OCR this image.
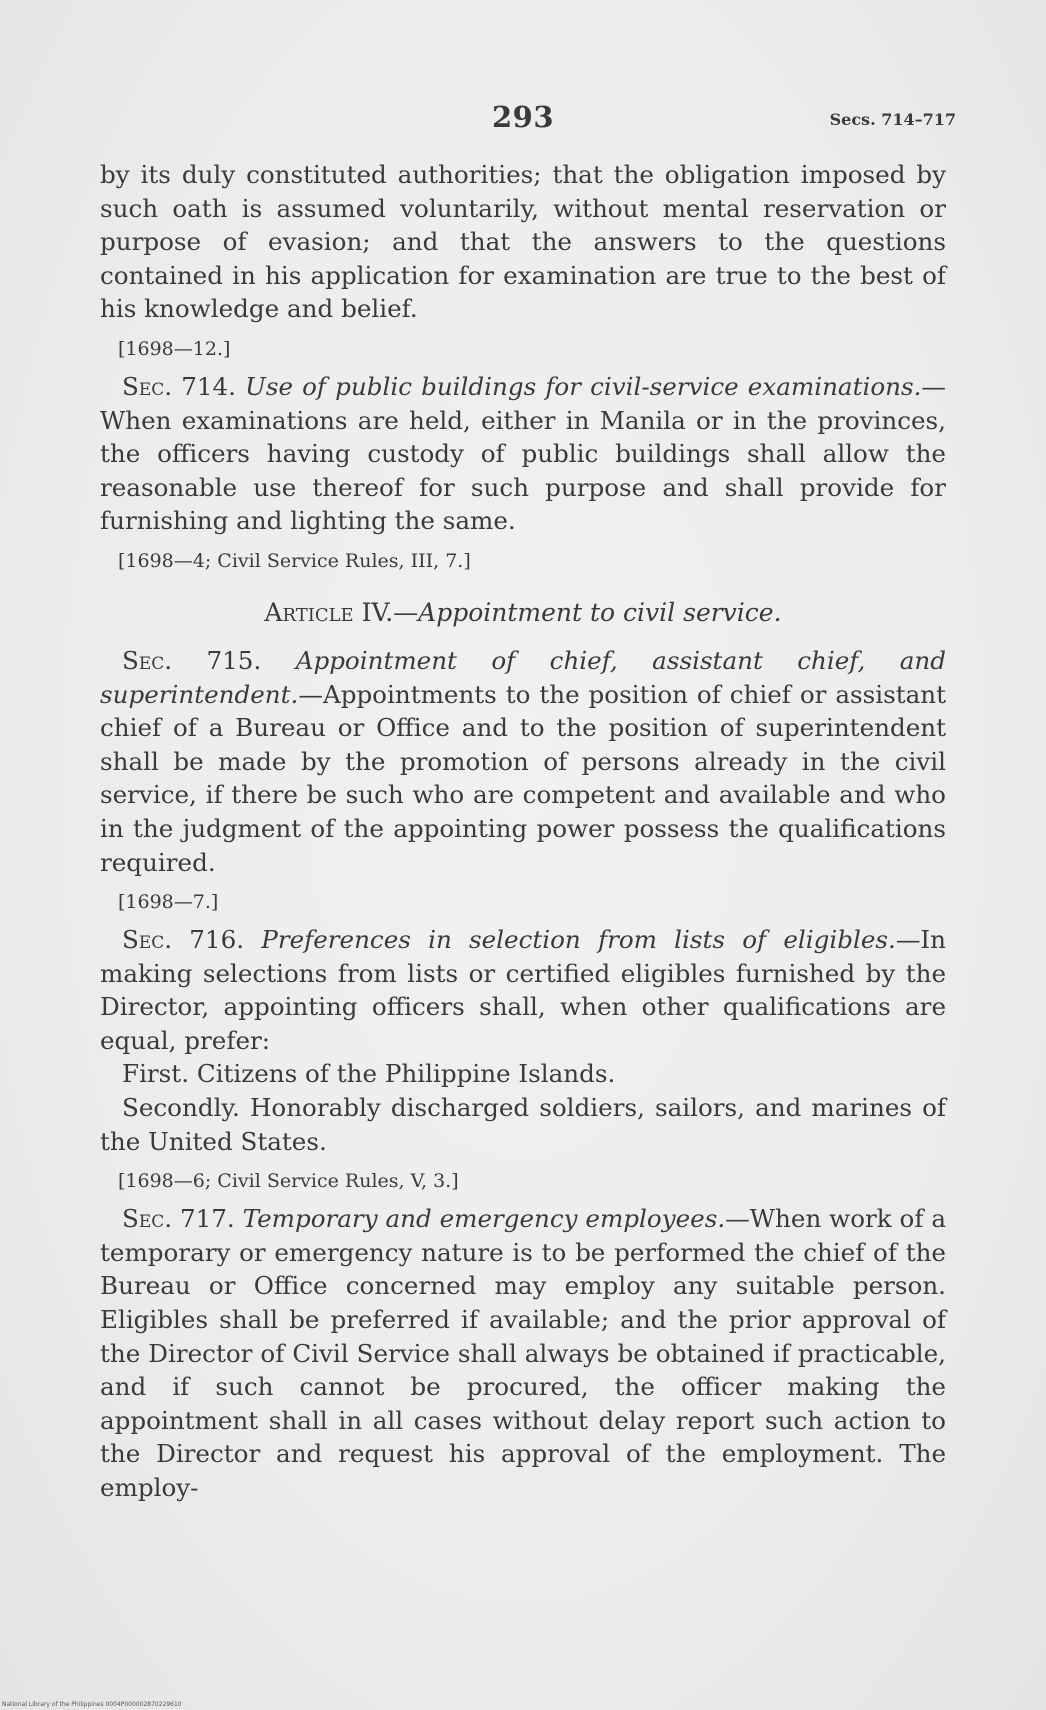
293	Secs. 714–717

by its duly constituted authorities; that the obligation imposed by such oath is assumed voluntarily, without mental reservation or purpose of evasion; and that the answers to the questions contained in his application for examination are true to the best of his knowledge and belief.

[1698—12.]

Sec. 714. Use of public buildings for civil-service examinations.—When examinations are held, either in Manila or in the provinces, the officers having custody of public buildings shall allow the reasonable use thereof for such purpose and shall provide for furnishing and lighting the same.

[1698—4; Civil Service Rules, III, 7.]
Article IV.—Appointment to civil service.

Sec. 715. Appointment of chief, assistant chief, and superintendent.—Appointments to the position of chief or assistant chief of a Bureau or Office and to the position of superintendent shall be made by the promotion of persons already in the civil service, if there be such who are competent and available and who in the judgment of the appointing power possess the qualifications required.

[1698—7.]

Sec. 716. Preferences in selection from lists of eligibles.—In making selections from lists or certified eligibles furnished by the Director, appointing officers shall, when other qualifications are equal, prefer:

First. Citizens of the Philippine Islands.

Secondly. Honorably discharged soldiers, sailors, and marines of the United States.

[1698—6; Civil Service Rules, V, 3.]

Sec. 717. Temporary and emergency employees.—When work of a temporary or emergency nature is to be performed the chief of the Bureau or Office concerned may employ any suitable person. Eligibles shall be preferred if available; and the prior approval of the Director of Civil Service shall always be obtained if practicable, and if such cannot be procured, the officer making the appointment shall in all cases without delay report such action to the Director and request his approval of the employment. The employ-

National Library of the Philippines 0004P000002870229610
